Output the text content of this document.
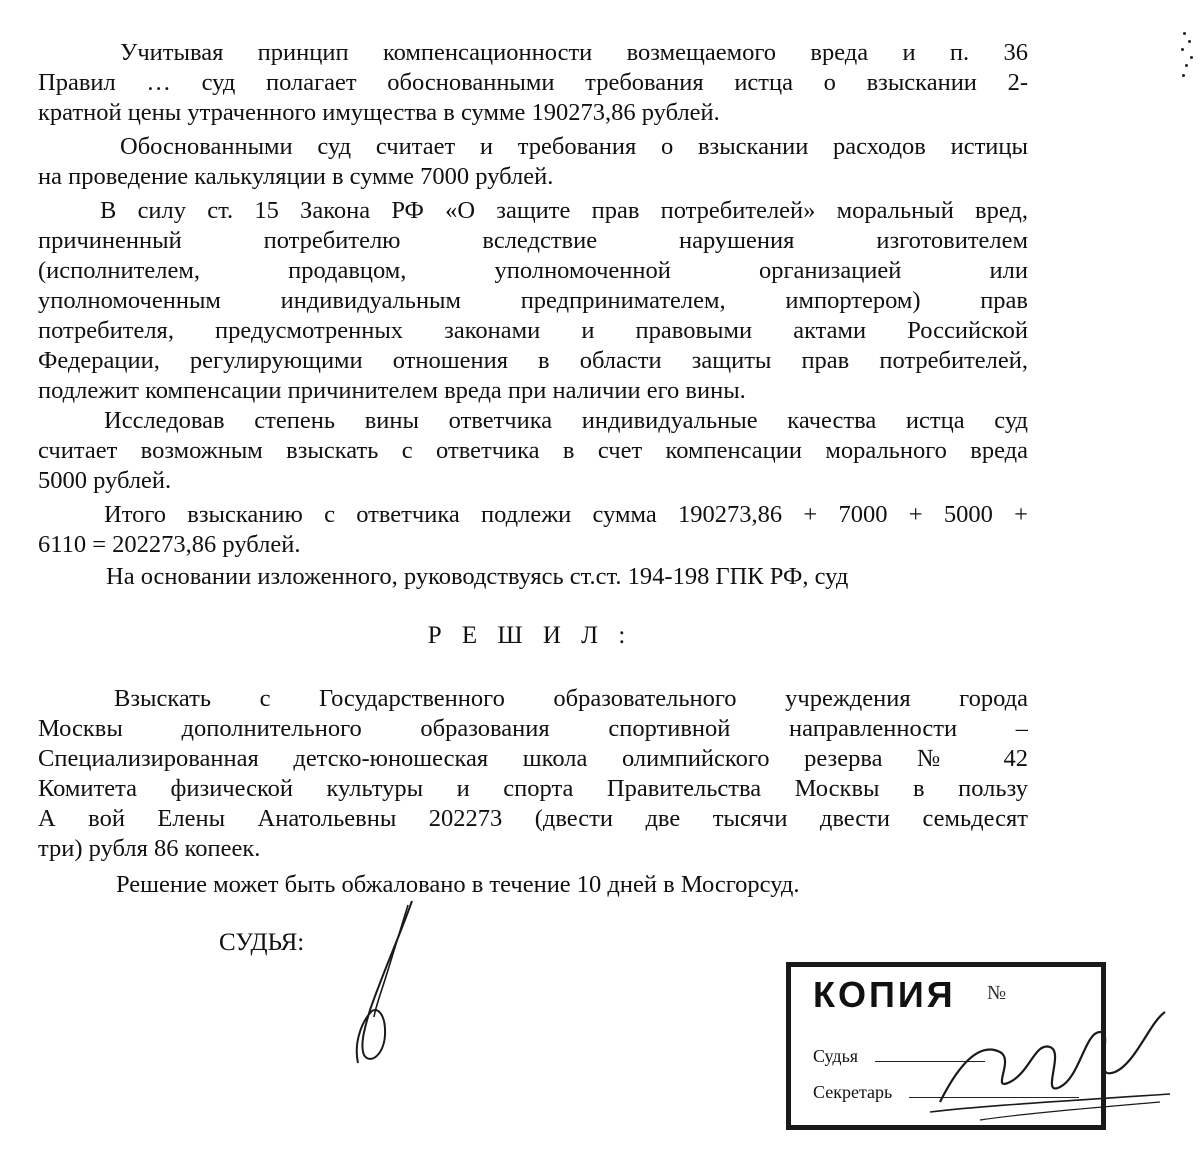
Учитывая принцип компенсационности возмещаемого вреда и п. 36
Правил … суд полагает обоснованными требования истца о взыскании 2-
кратной цены утраченного имущества в сумме 190273,86 рублей.
Обоснованными суд считает и требования о взыскании расходов истицы
на проведение калькуляции в сумме 7000 рублей.
В силу ст. 15 Закона РФ «О защите прав потребителей» моральный вред,
причиненный потребителю вследствие нарушения изготовителем
(исполнителем, продавцом, уполномоченной организацией или
уполномоченным индивидуальным предпринимателем, импортером) прав
потребителя, предусмотренных законами и правовыми актами Российской
Федерации, регулирующими отношения в области защиты прав потребителей,
подлежит компенсации причинителем вреда при наличии его вины.
Исследовав степень вины ответчика индивидуальные качества истца суд
считает возможным взыскать с ответчика в счет компенсации морального вреда
5000 рублей.
Итого взысканию с ответчика подлежи сумма 190273,86 + 7000 + 5000 +
6110 = 202273,86 рублей.
На основании изложенного, руководствуясь ст.ст. 194-198 ГПК РФ, суд
Р Е Ш И Л :
Взыскать с Государственного образовательного учреждения города
Москвы дополнительного образования спортивной направленности –
Специализированная детско-юношеская школа олимпийского резерва № 42
Комитета физической культуры и спорта Правительства Москвы в пользу
А вой Елены Анатольевны 202273 (двести две тысячи двести семьдесят
три) рубля 86 копеек.
Решение может быть обжаловано в течение 10 дней в Мосгорсуд.
СУДЬЯ:
КОПИЯ №
Судья
Секретарь
